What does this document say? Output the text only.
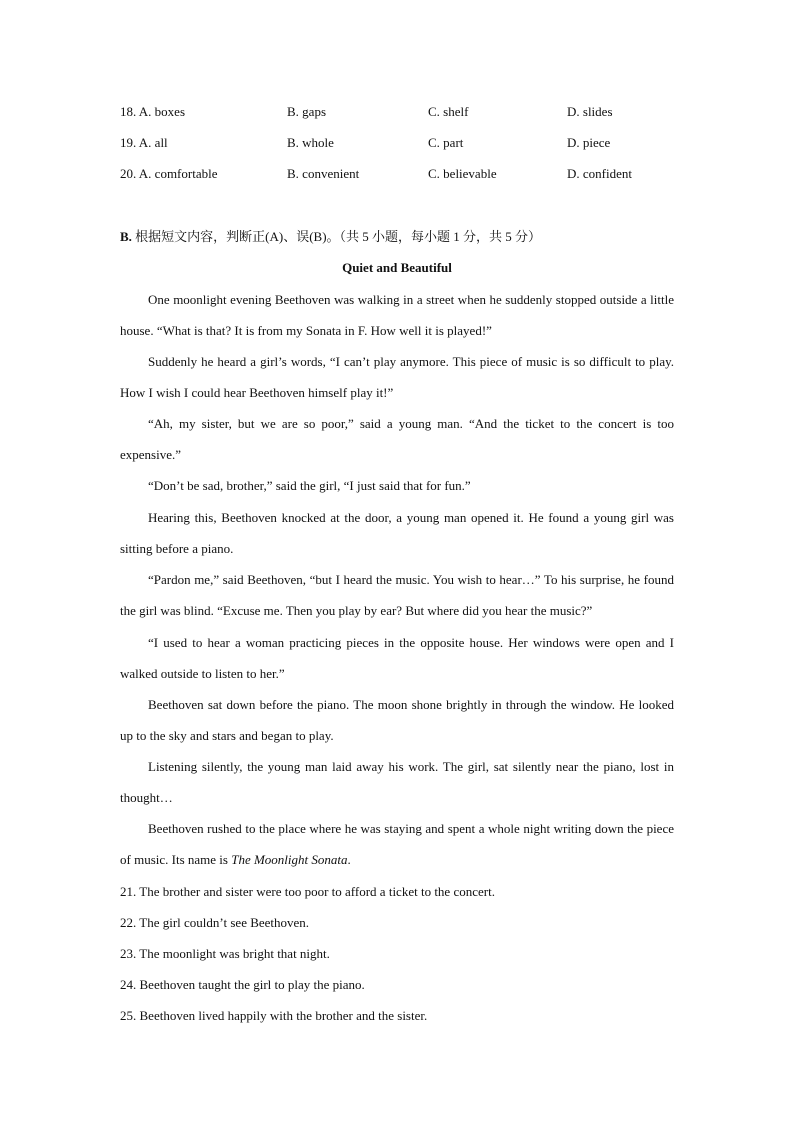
18. A. boxes	B. gaps	C. shelf	D. slides
19. A. all	B. whole	C. part	D. piece
20. A. comfortable	B. convenient	C. believable	D. confident
B. 根据短文内容，判断正(A)、误(B)。（共 5 小题，每小题 1 分，共 5 分）
Quiet and Beautiful

One moonlight evening Beethoven was walking in a street when he suddenly stopped outside a little house. “What is that? It is from my Sonata in F. How well it is played!”

Suddenly he heard a girl’s words, “I can’t play anymore. This piece of music is so difficult to play. How I wish I could hear Beethoven himself play it!”

“Ah, my sister, but we are so poor,” said a young man. “And the ticket to the concert is too expensive.”

“Don’t be sad, brother,” said the girl, “I just said that for fun.”

Hearing this, Beethoven knocked at the door, a young man opened it. He found a young girl was sitting before a piano.

“Pardon me,” said Beethoven, “but I heard the music. You wish to hear…” To his surprise, he found the girl was blind. “Excuse me. Then you play by ear? But where did you hear the music?”

“I used to hear a woman practicing pieces in the opposite house. Her windows were open and I walked outside to listen to her.”

Beethoven sat down before the piano. The moon shone brightly in through the window. He looked up to the sky and stars and began to play.

Listening silently, the young man laid away his work. The girl, sat silently near the piano, lost in thought…

Beethoven rushed to the place where he was staying and spent a whole night writing down the piece of music. Its name is The Moonlight Sonata.

21. The brother and sister were too poor to afford a ticket to the concert.
22. The girl couldn’t see Beethoven.
23. The moonlight was bright that night.
24. Beethoven taught the girl to play the piano.
25. Beethoven lived happily with the brother and the sister.
